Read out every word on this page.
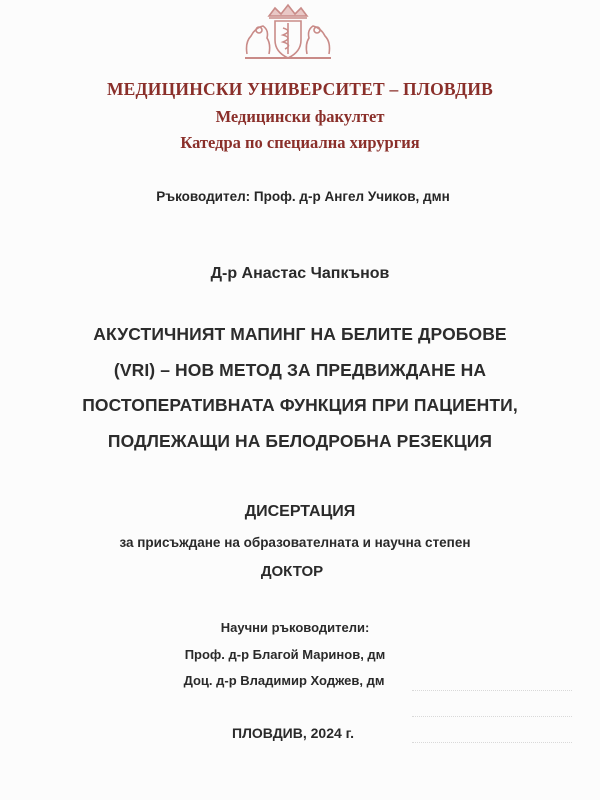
МЕДИЦИНСКИ УНИВЕРСИТЕТ – ПЛОВДИВ
Медицински факултет
Катедра по специална хирургия
Ръководител: Проф. д-р Ангел Учиков, дмн
Д-р Анастас Чапкънов
АКУСТИЧНИЯТ МАПИНГ НА БЕЛИТЕ ДРОБОВЕ
(VRI) – НОВ МЕТОД ЗА ПРЕДВИЖДАНЕ НА
ПОСТОПЕРАТИВНАТА ФУНКЦИЯ ПРИ ПАЦИЕНТИ,
ПОДЛЕЖАЩИ НА БЕЛОДРОБНА РЕЗЕКЦИЯ
ДИСЕРТАЦИЯ
за присъждане на образователната и научна степен
ДОКТОР
Научни ръководители:
Проф. д-р Благой Маринов, дм
Доц. д-р Владимир Ходжев, дм
ПЛОВДИВ, 2024 г.
